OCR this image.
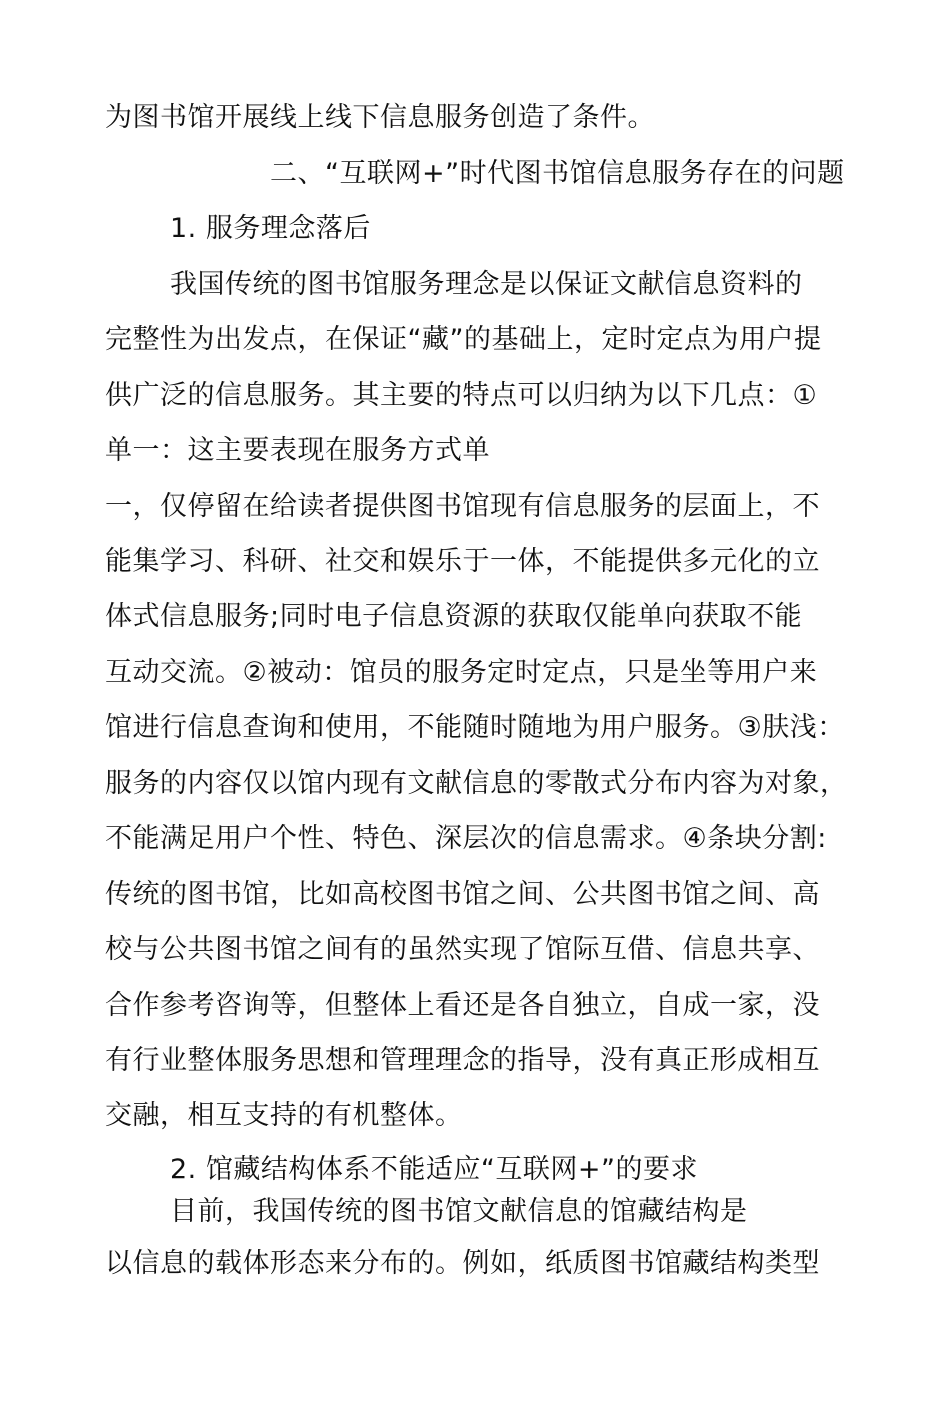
为图书馆开展线上线下信息服务创造了条件。
二、“互联网+”时代图书馆信息服务存在的问题
1. 服务理念落后
我国传统的图书馆服务理念是以保证文献信息资料的
完整性为出发点，在保证“藏”的基础上，定时定点为用户提
供广泛的信息服务。其主要的特点可以归纳为以下几点：①
单一：这主要表现在服务方式单
一，仅停留在给读者提供图书馆现有信息服务的层面上，不
能集学习、科研、社交和娱乐于一体，不能提供多元化的立
体式信息服务;同时电子信息资源的获取仅能单向获取不能
互动交流。②被动：馆员的服务定时定点，只是坐等用户来
馆进行信息查询和使用，不能随时随地为用户服务。③肤浅：
服务的内容仅以馆内现有文献信息的零散式分布内容为对象，
不能满足用户个性、特色、深层次的信息需求。④条块分割:
传统的图书馆，比如高校图书馆之间、公共图书馆之间、高
校与公共图书馆之间有的虽然实现了馆际互借、信息共享、
合作参考咨询等，但整体上看还是各自独立，自成一家，没
有行业整体服务思想和管理理念的指导，没有真正形成相互
交融，相互支持的有机整体。
2. 馆藏结构体系不能适应“互联网+”的要求
目前，我国传统的图书馆文献信息的馆藏结构是
以信息的载体形态来分布的。例如，纸质图书馆藏结构类型
